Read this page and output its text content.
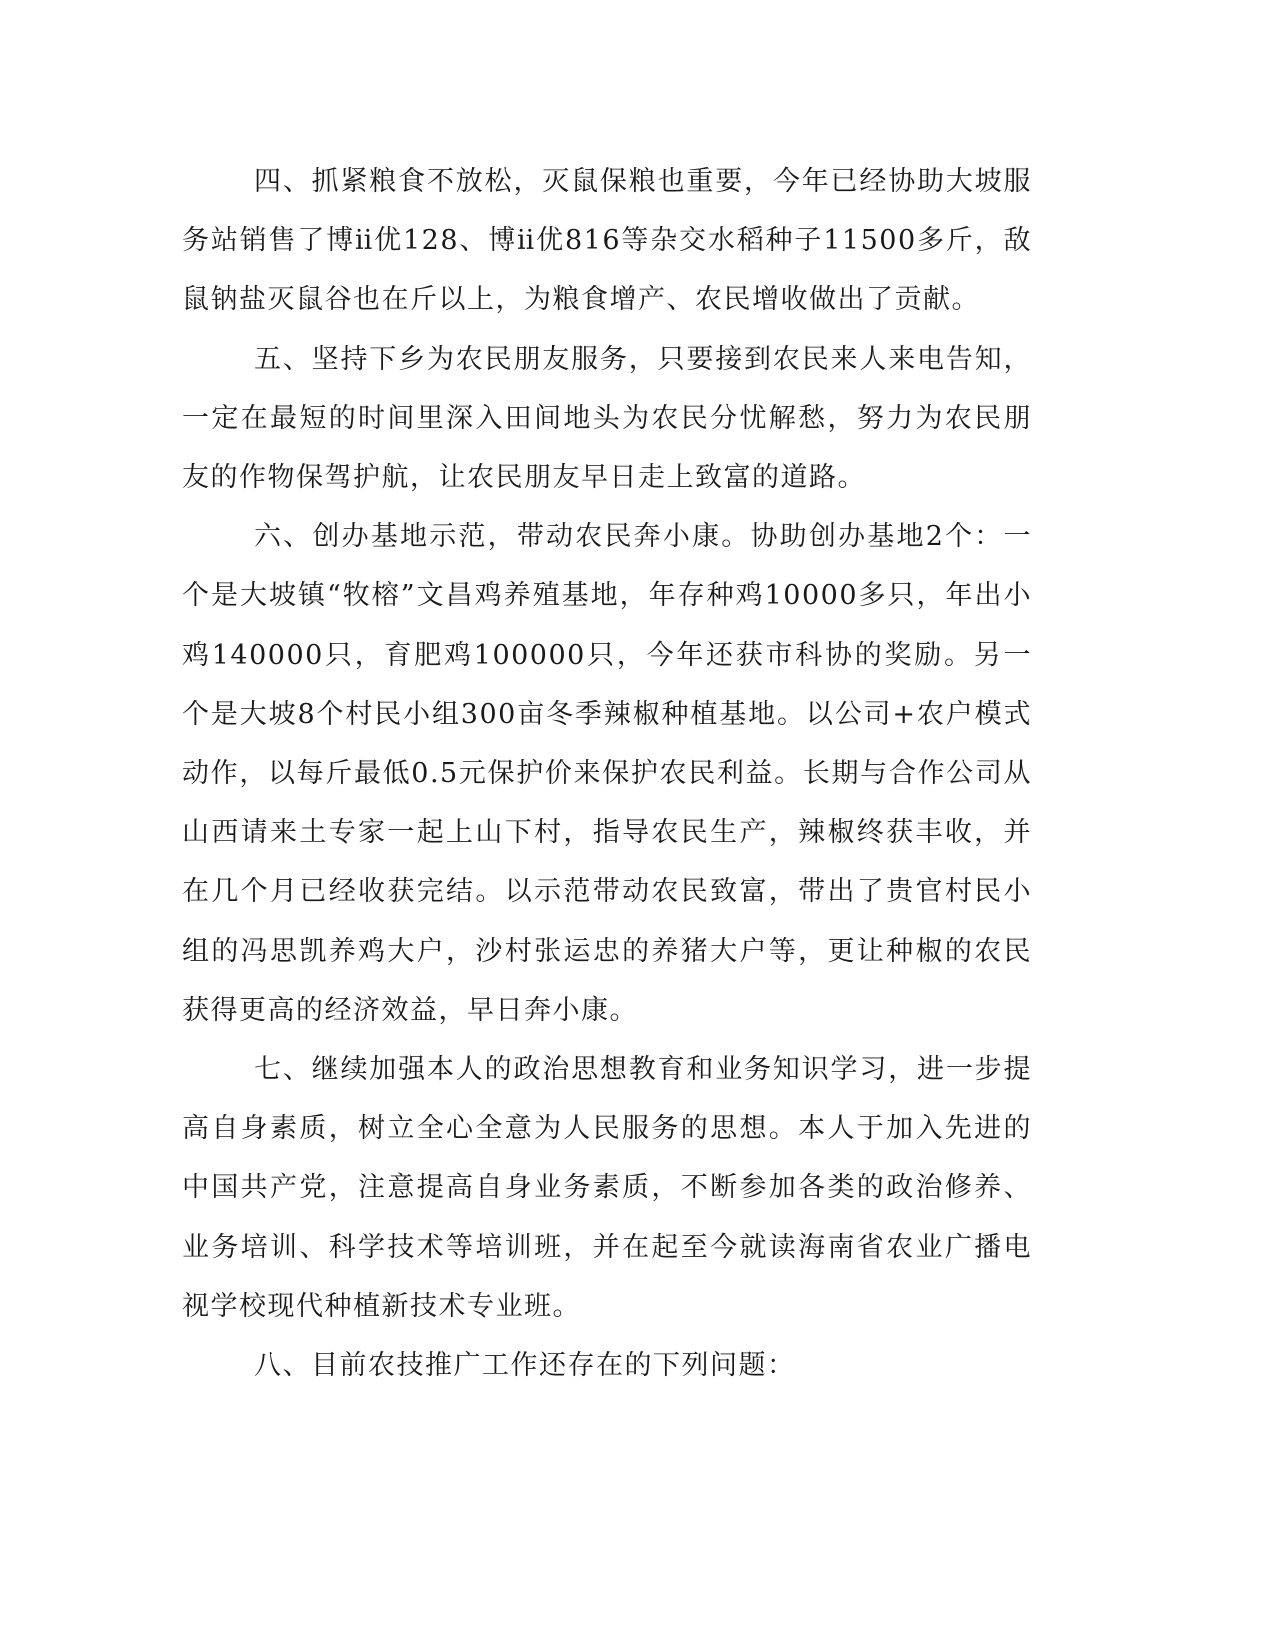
四、抓紧粮食不放松，灭鼠保粮也重要，今年已经协助大坡服务站销售了博ⅱ优128、博ⅱ优816等杂交水稻种子11500多斤，敌鼠钠盐灭鼠谷也在斤以上，为粮食增产、农民增收做出了贡献。

五、坚持下乡为农民朋友服务，只要接到农民来人来电告知，一定在最短的时间里深入田间地头为农民分忧解愁，努力为农民朋友的作物保驾护航，让农民朋友早日走上致富的道路。

六、创办基地示范，带动农民奔小康。协助创办基地2个：一个是大坡镇“牧榕”文昌鸡养殖基地，年存种鸡10000多只，年出小鸡140000只，育肥鸡100000只，今年还获市科协的奖励。另一个是大坡8个村民小组300亩冬季辣椒种植基地。以公司+农户模式动作，以每斤最低0.5元保护价来保护农民利益。长期与合作公司从山西请来土专家一起上山下村，指导农民生产，辣椒终获丰收，并在几个月已经收获完结。以示范带动农民致富，带出了贵官村民小组的冯思凯养鸡大户，沙村张运忠的养猪大户等，更让种椒的农民获得更高的经济效益，早日奔小康。

七、继续加强本人的政治思想教育和业务知识学习，进一步提高自身素质，树立全心全意为人民服务的思想。本人于加入先进的中国共产党，注意提高自身业务素质，不断参加各类的政治修养、业务培训、科学技术等培训班，并在起至今就读海南省农业广播电视学校现代种植新技术专业班。

八、目前农技推广工作还存在的下列问题：
